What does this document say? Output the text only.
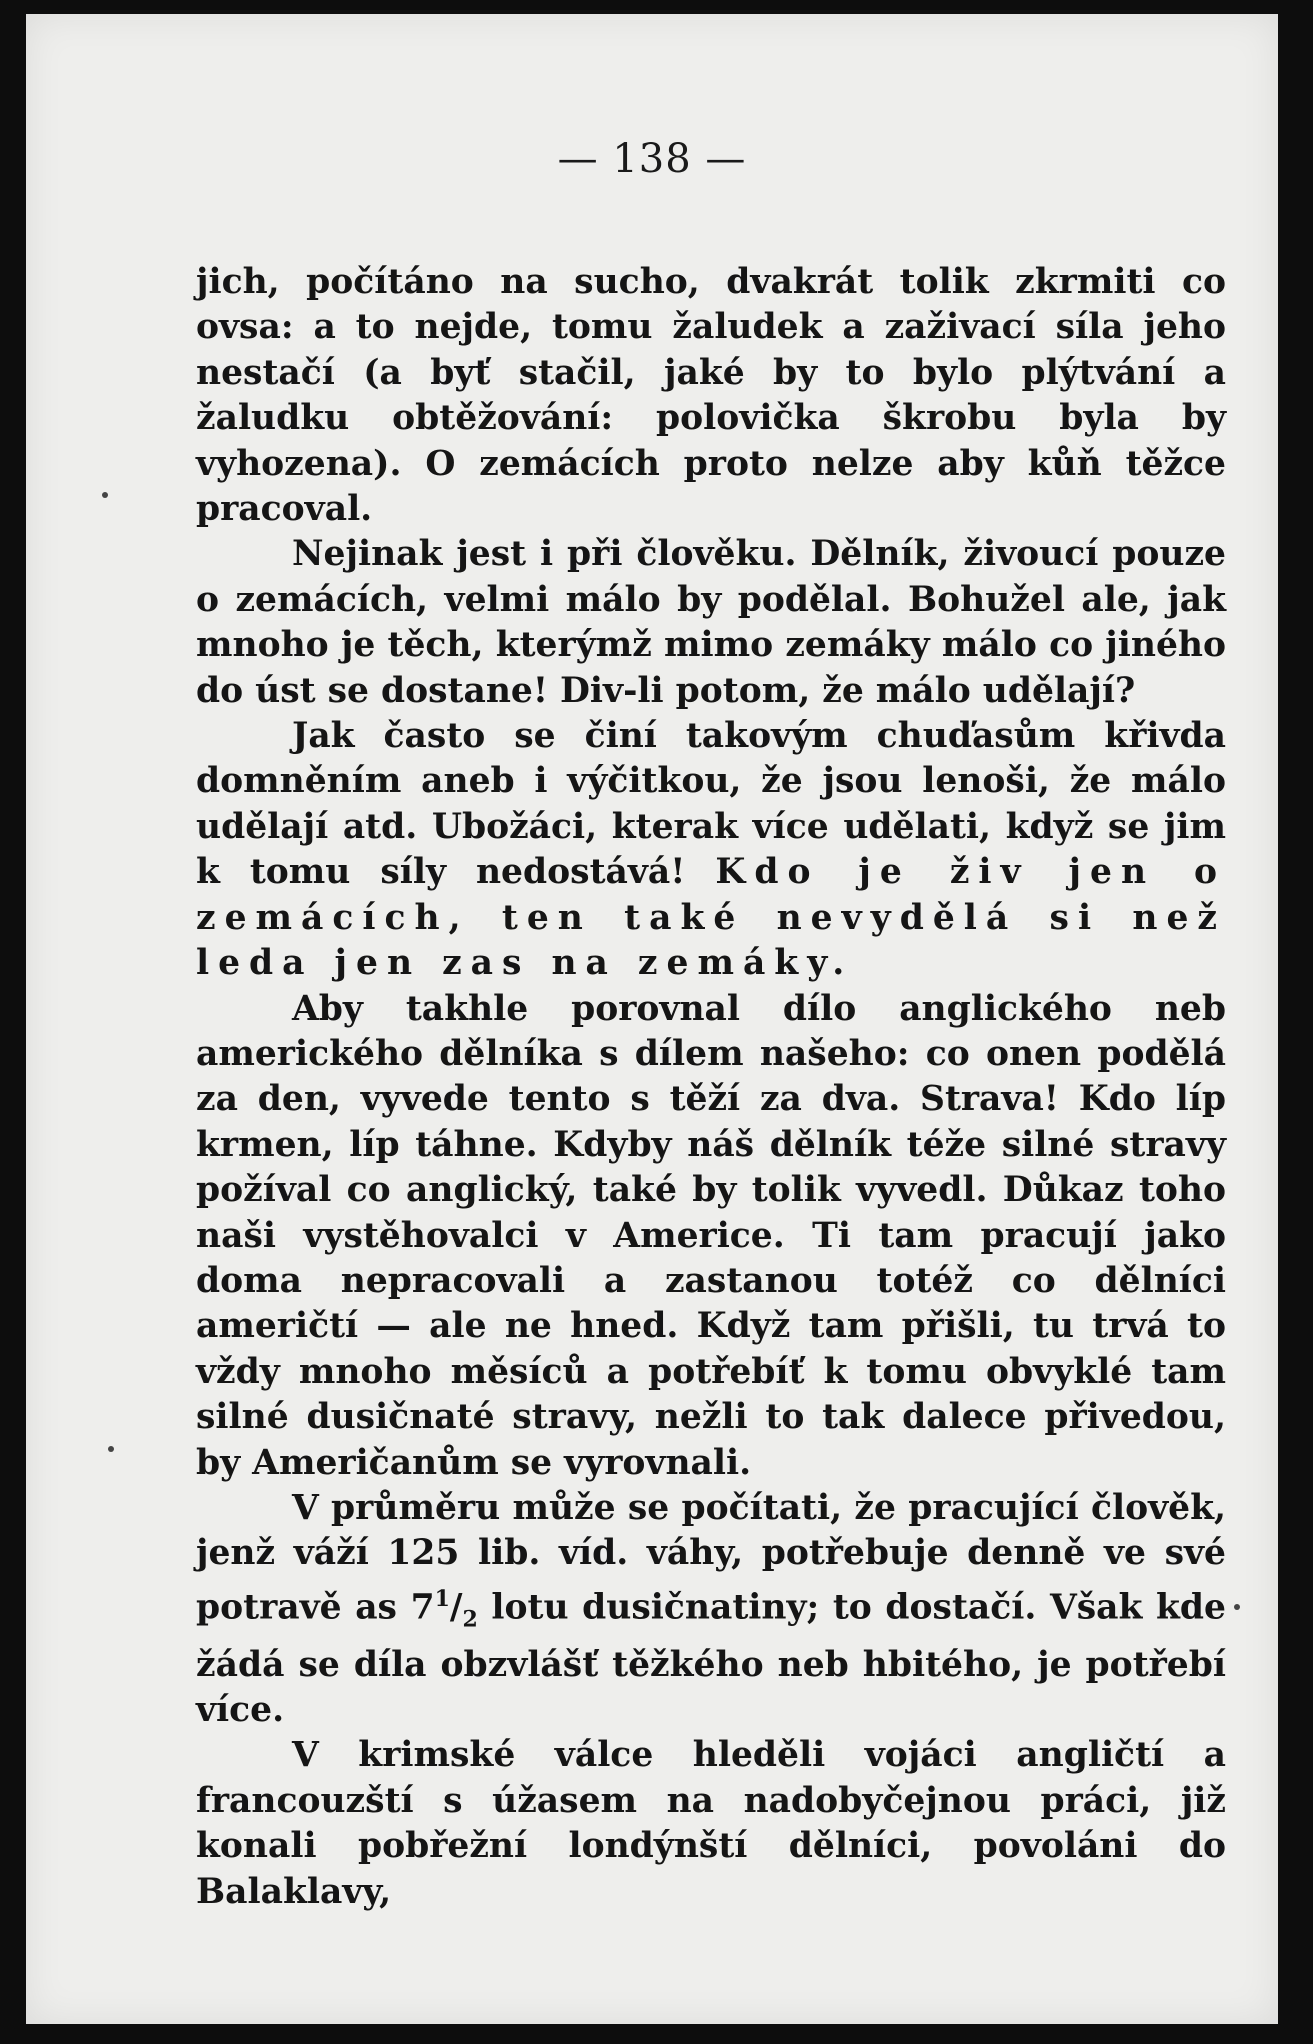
— 138 —

jich, počítáno na sucho, dvakrát tolik zkrmiti co ovsa: a to nejde, tomu žaludek a zaživací síla jeho nestačí (a byť stačil, jaké by to bylo plýtvání a žaludku obtěžování: polovička škrobu byla by vyhozena). O zemácích proto nelze aby kůň těžce pracoval.

Nejinak jest i při člověku. Dělník, živoucí pouze o zemácích, velmi málo by podělal. Bohužel ale, jak mnoho je těch, kterýmž mimo zemáky málo co jiného do úst se dostane! Div-li potom, že málo udělají?

Jak často se činí takovým chuďasům křivda domněním aneb i výčitkou, že jsou lenoši, že málo udělají atd. Ubožáci, kterak více udělati, když se jim k tomu síly nedostává! Kdo je živ jen o zemácích, ten také nevydělá si než leda jen zas na zemáky.

Aby takhle porovnal dílo anglického neb amerického dělníka s dílem našeho: co onen podělá za den, vyvede tento s těží za dva. Strava! Kdo líp krmen, líp táhne. Kdyby náš dělník téže silné stravy požíval co anglický, také by tolik vyvedl. Důkaz toho naši vystěhovalci v Americe. Ti tam pracují jako doma nepracovali a zastanou totéž co dělníci američtí — ale ne hned. Když tam přišli, tu trvá to vždy mnoho měsíců a potřebíť k tomu obvyklé tam silné dusičnaté stravy, nežli to tak dalece přivedou, by Američanům se vyrovnali.

V průměru může se počítati, že pracující člověk, jenž váží 125 lib. víd. váhy, potřebuje denně ve své potravě as $7^1/_2$ lotu dusičnatiny; to dostačí. Však kde žádá se díla obzvlášť těžkého neb hbitého, je potřebí více.

V krimské válce hleděli vojáci angličtí a francouzští s úžasem na nadobyčejnou práci, již konali pobřežní londýnští dělníci, povoláni do Balaklavy,
